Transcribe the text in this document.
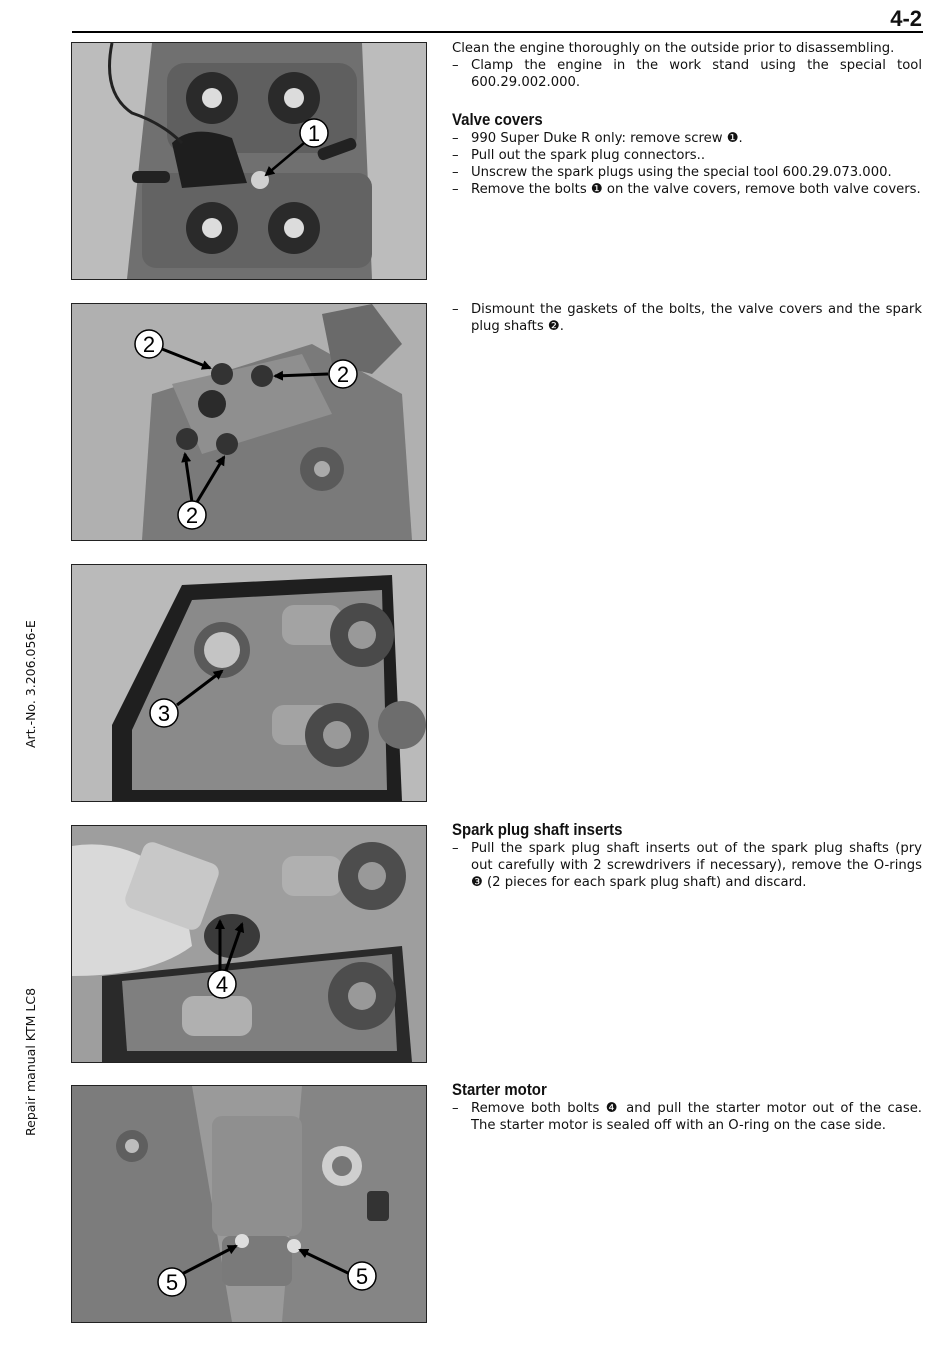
4-2
Art.-No. 3.206.056-E
Repair manual KTM LC8
1
2
2
2
3
4
5	5

Clean the engine thoroughly on the outside prior to disassembling.

– Clamp the engine in the work stand using the special tool 600.29.002.000.
Valve covers
– 990 Super Duke R only: remove screw ❶.
– Pull out the spark plug connectors..
– Unscrew the spark plugs using the special tool 600.29.073.000.
– Remove the bolts ❶ on the valve covers, remove both valve covers.
– Dismount the gaskets of the bolts, the valve covers and the spark plug shafts ❷.
Spark plug shaft inserts
– Pull the spark plug shaft inserts out of the spark plug shafts (pry out carefully with 2 screwdrivers if necessary), remove the O-rings ❸ (2 pieces for each spark plug shaft) and discard.
Starter motor
– Remove both bolts ❹ and pull the starter motor out of the case. The starter motor is sealed off with an O-ring on the case side.
